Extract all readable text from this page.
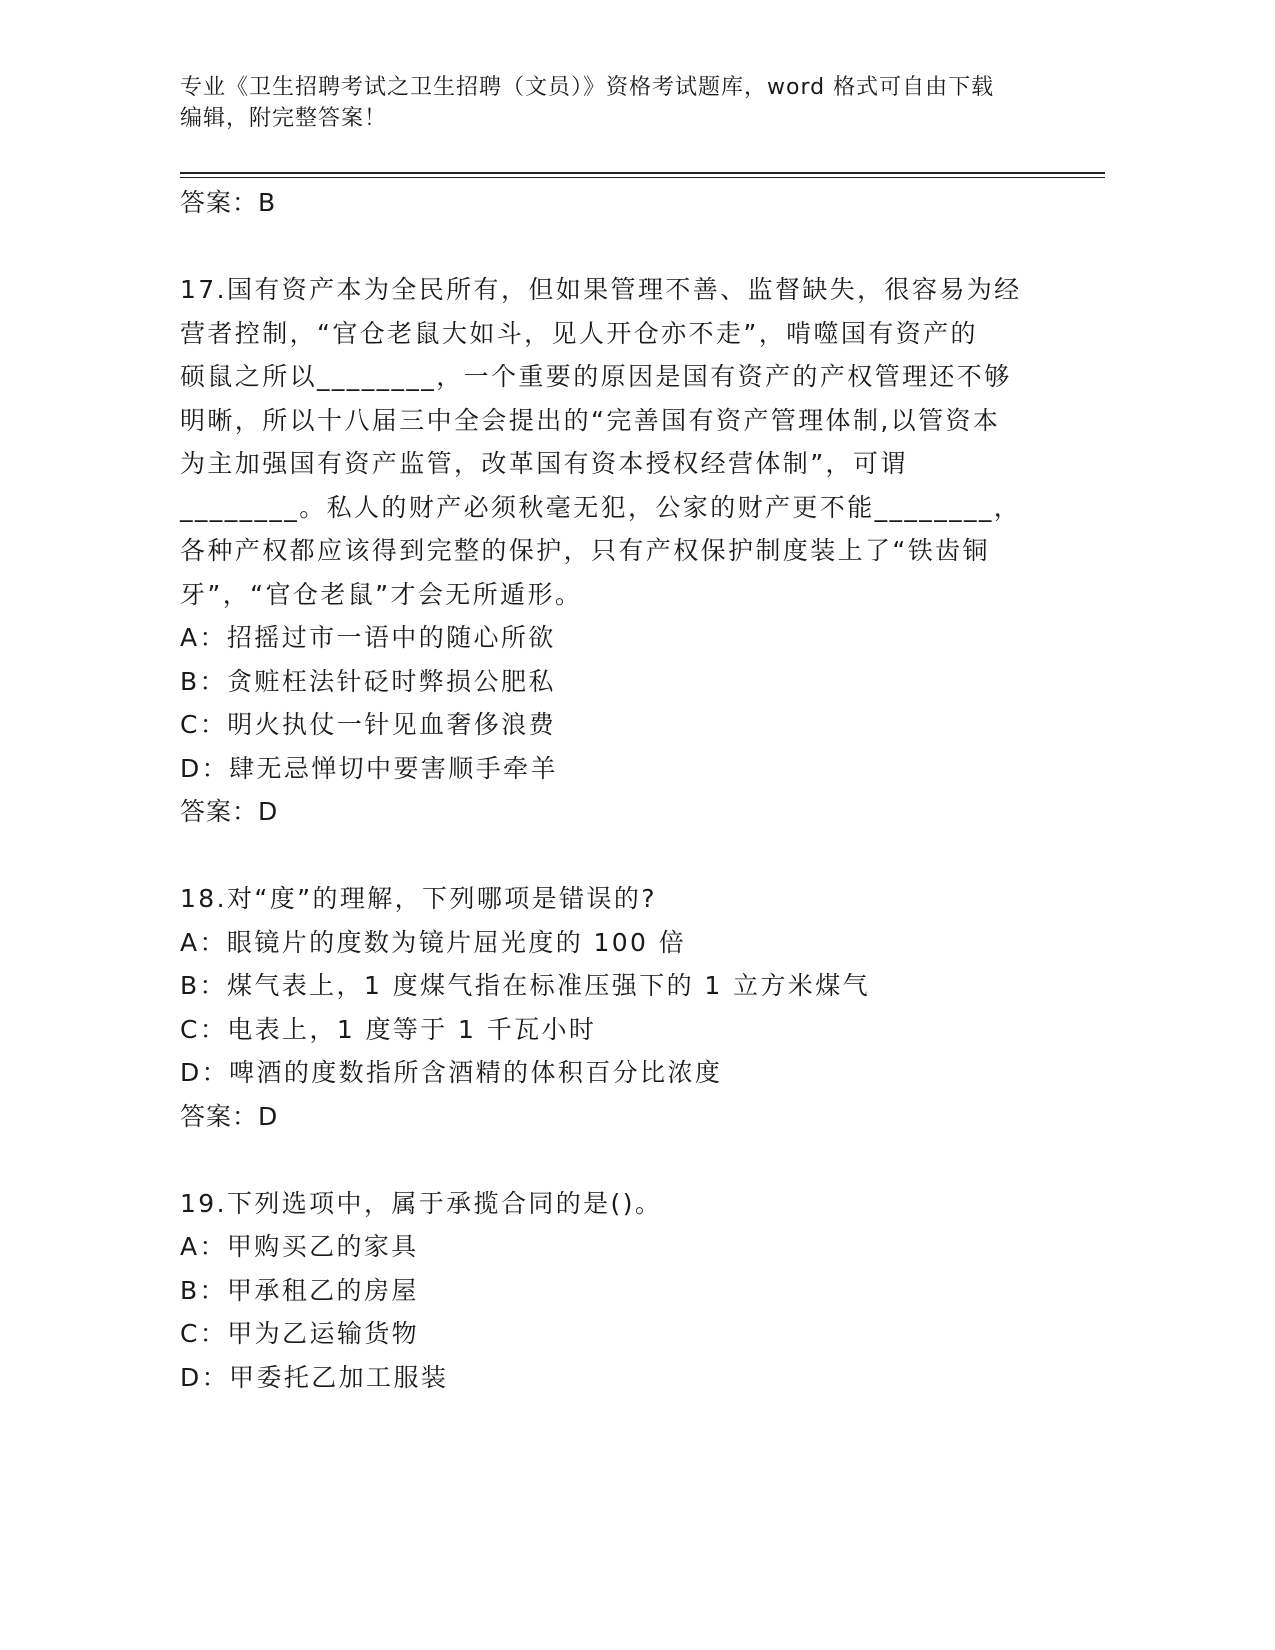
专业《卫生招聘考试之卫生招聘（文员）》资格考试题库，word 格式可自由下载
编辑，附完整答案！

答案：B

17.国有资产本为全民所有，但如果管理不善、监督缺失，很容易为经

营者控制，“官仓老鼠大如斗，见人开仓亦不走”，啃噬国有资产的

硕鼠之所以________，一个重要的原因是国有资产的产权管理还不够

明晰，所以十八届三中全会提出的“完善国有资产管理体制,以管资本

为主加强国有资产监管，改革国有资本授权经营体制”，可谓

________。私人的财产必须秋毫无犯，公家的财产更不能________，

各种产权都应该得到完整的保护，只有产权保护制度装上了“铁齿铜

牙”，“官仓老鼠”才会无所遁形。

A：招摇过市一语中的随心所欲

B：贪赃枉法针砭时弊损公肥私

C：明火执仗一针见血奢侈浪费

D：肆无忌惮切中要害顺手牵羊

答案：D

18.对“度”的理解，下列哪项是错误的?

A：眼镜片的度数为镜片屈光度的 100 倍

B：煤气表上，1 度煤气指在标准压强下的 1 立方米煤气

C：电表上，1 度等于 1 千瓦小时

D：啤酒的度数指所含酒精的体积百分比浓度

答案：D

19.下列选项中，属于承揽合同的是()。

A：甲购买乙的家具

B：甲承租乙的房屋

C：甲为乙运输货物

D：甲委托乙加工服装
